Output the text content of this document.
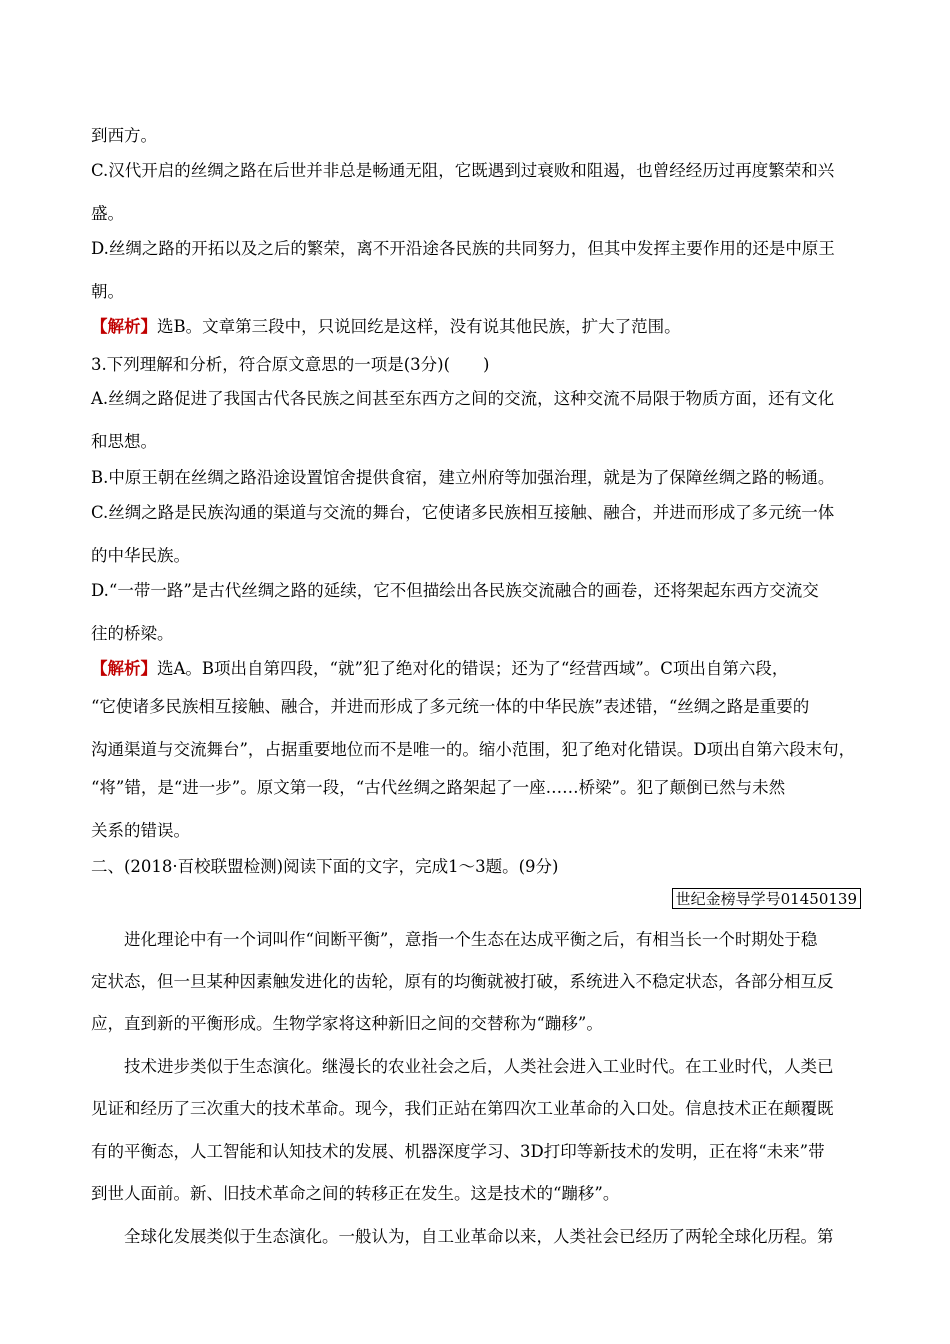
到西方。
C.汉代开启的丝绸之路在后世并非总是畅通无阻，它既遇到过衰败和阻遏，也曾经经历过再度繁荣和兴
盛。
D.丝绸之路的开拓以及之后的繁荣，离不开沿途各民族的共同努力，但其中发挥主要作用的还是中原王
朝。
【解析】选B。文章第三段中，只说回纥是这样，没有说其他民族，扩大了范围。
3.下列理解和分析，符合原文意思的一项是(3分)(　　)
A.丝绸之路促进了我国古代各民族之间甚至东西方之间的交流，这种交流不局限于物质方面，还有文化
和思想。
B.中原王朝在丝绸之路沿途设置馆舍提供食宿，建立州府等加强治理，就是为了保障丝绸之路的畅通。
C.丝绸之路是民族沟通的渠道与交流的舞台，它使诸多民族相互接触、融合，并进而形成了多元统一体
的中华民族。
D.“一带一路”是古代丝绸之路的延续，它不但描绘出各民族交流融合的画卷，还将架起东西方交流交
往的桥梁。
【解析】选A。B项出自第四段，“就”犯了绝对化的错误；还为了“经营西域”。C项出自第六段，
“它使诸多民族相互接触、融合，并进而形成了多元统一体的中华民族”表述错，“丝绸之路是重要的
沟通渠道与交流舞台”，占据重要地位而不是唯一的。缩小范围，犯了绝对化错误。D项出自第六段末句，
“将”错，是“进一步”。原文第一段，“古代丝绸之路架起了一座……桥梁”。犯了颠倒已然与未然
关系的错误。
二、(2018·百校联盟检测)阅读下面的文字，完成1～3题。(9分)
世纪金榜导学号01450139
进化理论中有一个词叫作“间断平衡”，意指一个生态在达成平衡之后，有相当长一个时期处于稳
定状态，但一旦某种因素触发进化的齿轮，原有的均衡就被打破，系统进入不稳定状态，各部分相互反
应，直到新的平衡形成。生物学家将这种新旧之间的交替称为“蹦移”。
技术进步类似于生态演化。继漫长的农业社会之后，人类社会进入工业时代。在工业时代，人类已
见证和经历了三次重大的技术革命。现今，我们正站在第四次工业革命的入口处。信息技术正在颠覆既
有的平衡态，人工智能和认知技术的发展、机器深度学习、3D打印等新技术的发明，正在将“未来”带
到世人面前。新、旧技术革命之间的转移正在发生。这是技术的“蹦移”。
全球化发展类似于生态演化。一般认为，自工业革命以来，人类社会已经历了两轮全球化历程。第
